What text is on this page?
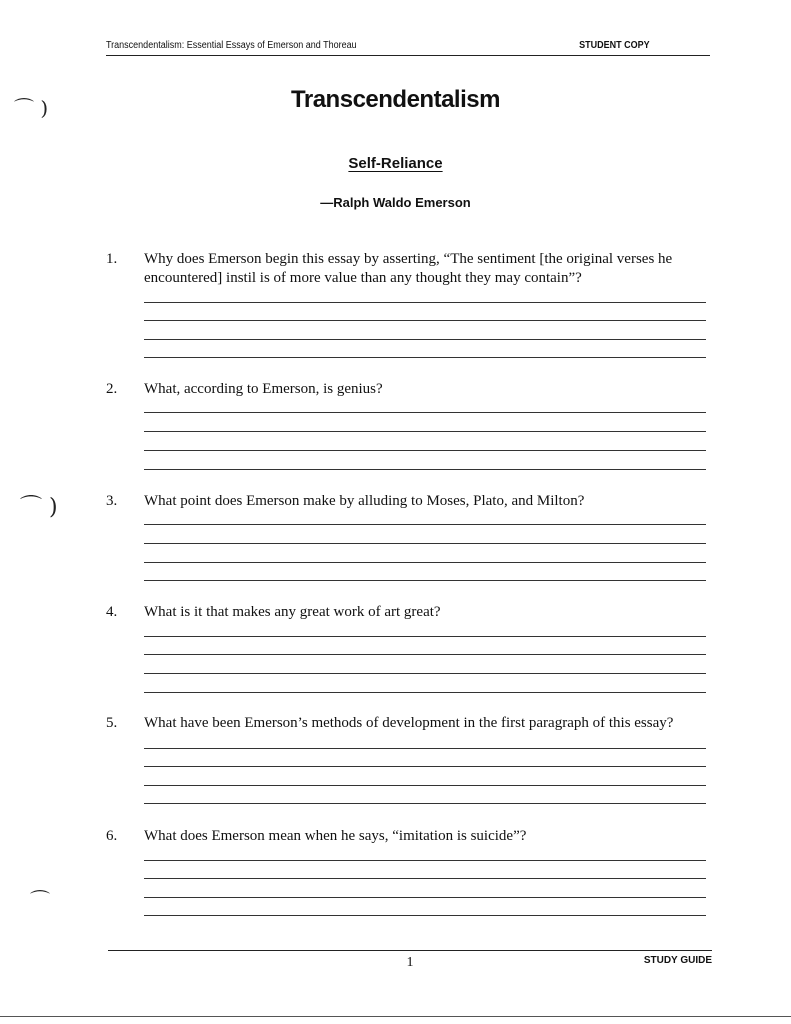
⌒ )
⌒ )
⌒
Transcendentalism: Essential Essays of Emerson and Thoreau	STUDENT COPY
Transcendentalism
Self-Reliance
—Ralph Waldo Emerson
1.	Why does Emerson begin this essay by asserting, “The sentiment [the original verses he encountered] instil is of more value than any thought they may contain”?
2.	What, according to Emerson, is genius?
3.	What point does Emerson make by alluding to Moses, Plato, and Milton?
4.	What is it that makes any great work of art great?
5.	What have been Emerson’s methods of development in the first paragraph of this essay?
6.	What does Emerson mean when he says, “imitation is suicide”?
1	STUDY GUIDE
